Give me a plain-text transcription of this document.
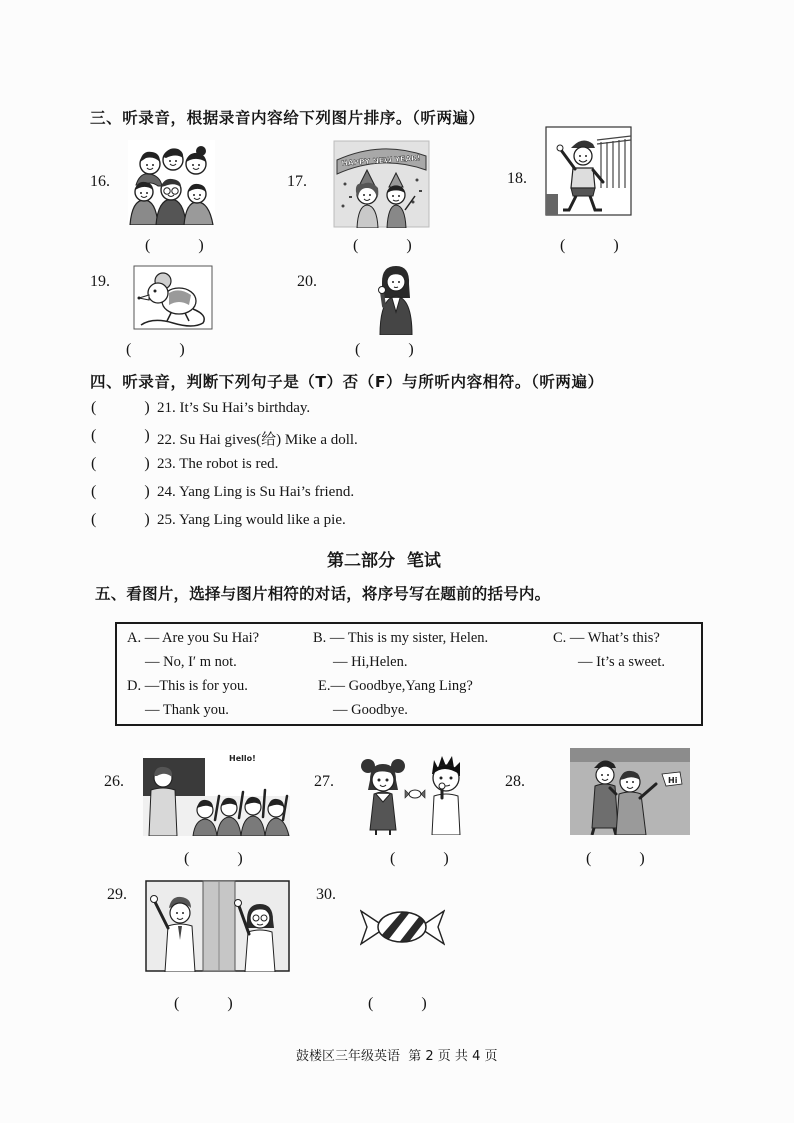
三、听录音，根据录音内容给下列图片排序。（听两遍）
16.
(            )
17.
HAPPY NEW YEAR!
(            )
18.
(            )
19.
(            )
20.
(            )
四、听录音，判断下列句子是（T）否（F）与所听内容相符。（听两遍）
(            ) 21. It’s Su Hai’s birthday.
(            ) 22. Su Hai gives(给) Mike a doll.
(            ) 23. The robot is red.
(            ) 24. Yang Ling is Su Hai’s friend.
(            ) 25. Yang Ling would like a pie.
第二部分  笔试
五、看图片，选择与图片相符的对话，将序号写在题前的括号内。
A. — Are you Su Hai?
— No, I′ m not.
B. — This is my sister, Helen.
— Hi,Helen.
C. — What’s this?
— It’s a sweet.
D. —This is for you.
— Thank you.
E.— Goodbye,Yang Ling?
— Goodbye.
26.
Hello!
(            )
27.
(            )
28.	Hi
(            )
29.
(            )
30.
(            )
鼓楼区三年级英语  第 2 页 共 4 页
